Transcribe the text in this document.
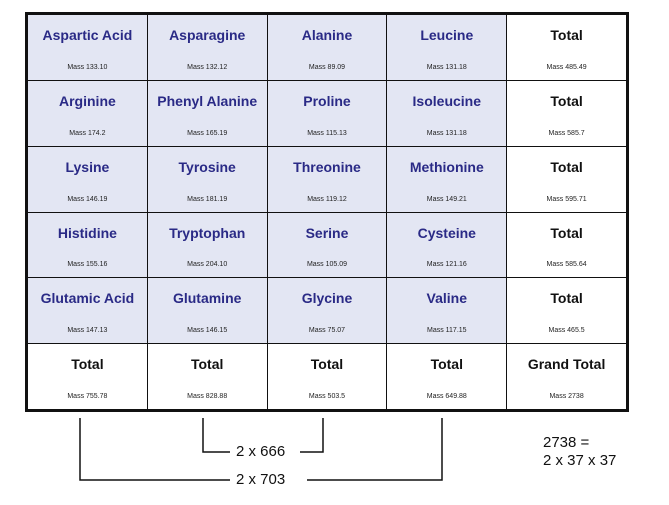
Aspartic Acid
Mass 133.10
Asparagine
Mass 132.12
Alanine
Mass 89.09
Leucine
Mass 131.18
Total
Mass 485.49
Arginine
Mass 174.2
Phenyl Alanine
Mass 165.19
Proline
Mass 115.13
Isoleucine
Mass 131.18
Total
Mass 585.7
Lysine
Mass 146.19
Tyrosine
Mass 181.19
Threonine
Mass 119.12
Methionine
Mass 149.21
Total
Mass 595.71
Histidine
Mass 155.16
Tryptophan
Mass 204.10
Serine
Mass 105.09
Cysteine
Mass 121.16
Total
Mass 585.64
Glutamic Acid
Mass 147.13
Glutamine
Mass 146.15
Glycine
Mass 75.07
Valine
Mass 117.15
Total
Mass 465.5
Total
Mass 755.78
Total
Mass 828.88
Total
Mass 503.5
Total
Mass 649.88
Grand Total
Mass 2738
2 x 666
2 x 703
2738 =
2 x 37 x 37
